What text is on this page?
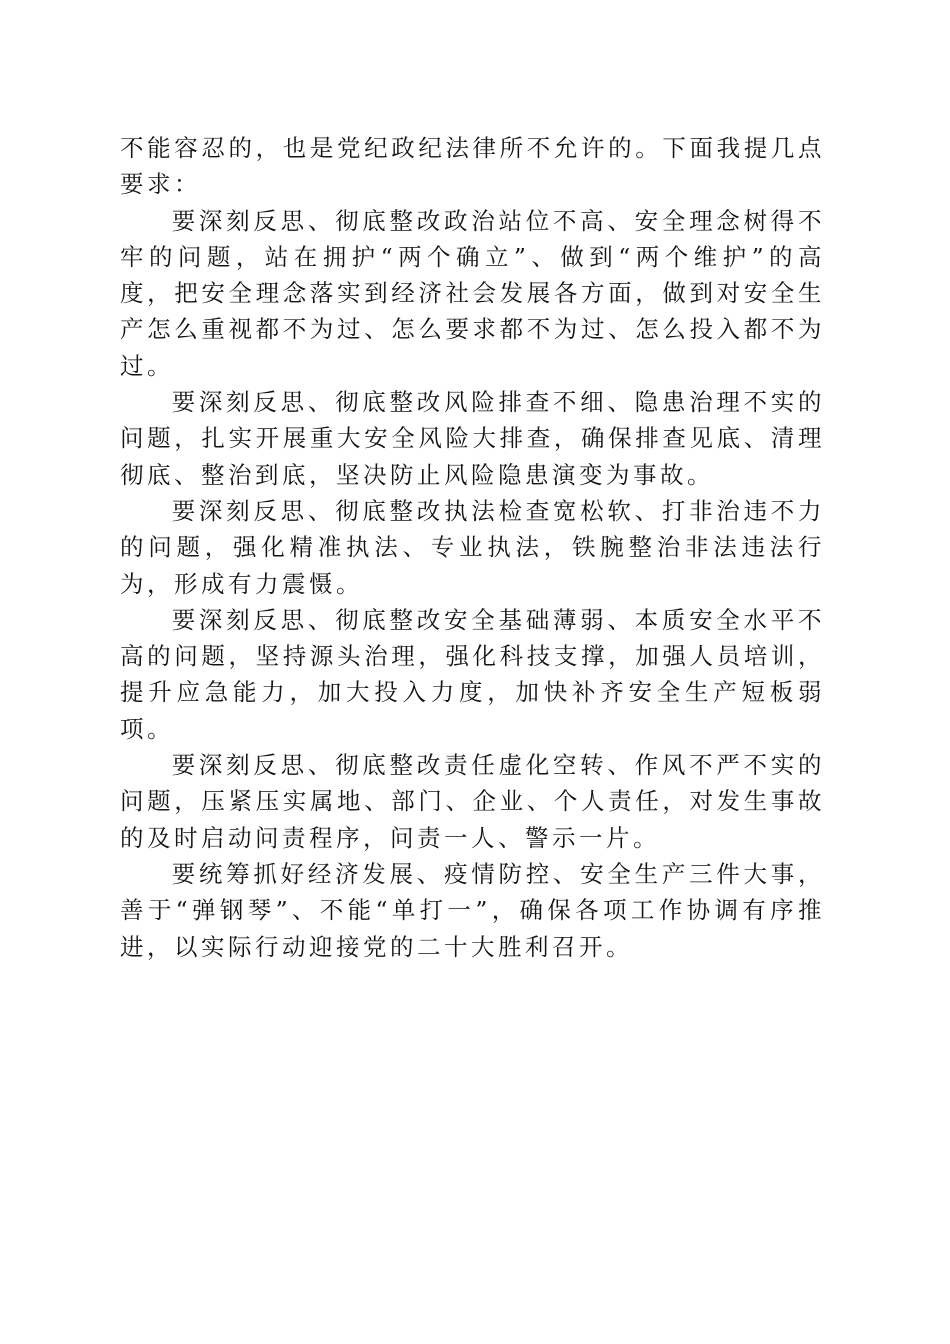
不能容忍的，也是党纪政纪法律所不允许的。下面我提几点要求：

要深刻反思、彻底整改政治站位不高、安全理念树得不牢的问题，站在拥护“两个确立”、做到“两个维护”的高度，把安全理念落实到经济社会发展各方面，做到对安全生产怎么重视都不为过、怎么要求都不为过、怎么投入都不为过。

要深刻反思、彻底整改风险排查不细、隐患治理不实的问题，扎实开展重大安全风险大排查，确保排查见底、清理彻底、整治到底，坚决防止风险隐患演变为事故。

要深刻反思、彻底整改执法检查宽松软、打非治违不力的问题，强化精准执法、专业执法，铁腕整治非法违法行为，形成有力震慑。

要深刻反思、彻底整改安全基础薄弱、本质安全水平不高的问题，坚持源头治理，强化科技支撑，加强人员培训，提升应急能力，加大投入力度，加快补齐安全生产短板弱项。

要深刻反思、彻底整改责任虚化空转、作风不严不实的问题，压紧压实属地、部门、企业、个人责任，对发生事故的及时启动问责程序，问责一人、警示一片。

要统筹抓好经济发展、疫情防控、安全生产三件大事，善于“弹钢琴”、不能“单打一”，确保各项工作协调有序推进，以实际行动迎接党的二十大胜利召开。
